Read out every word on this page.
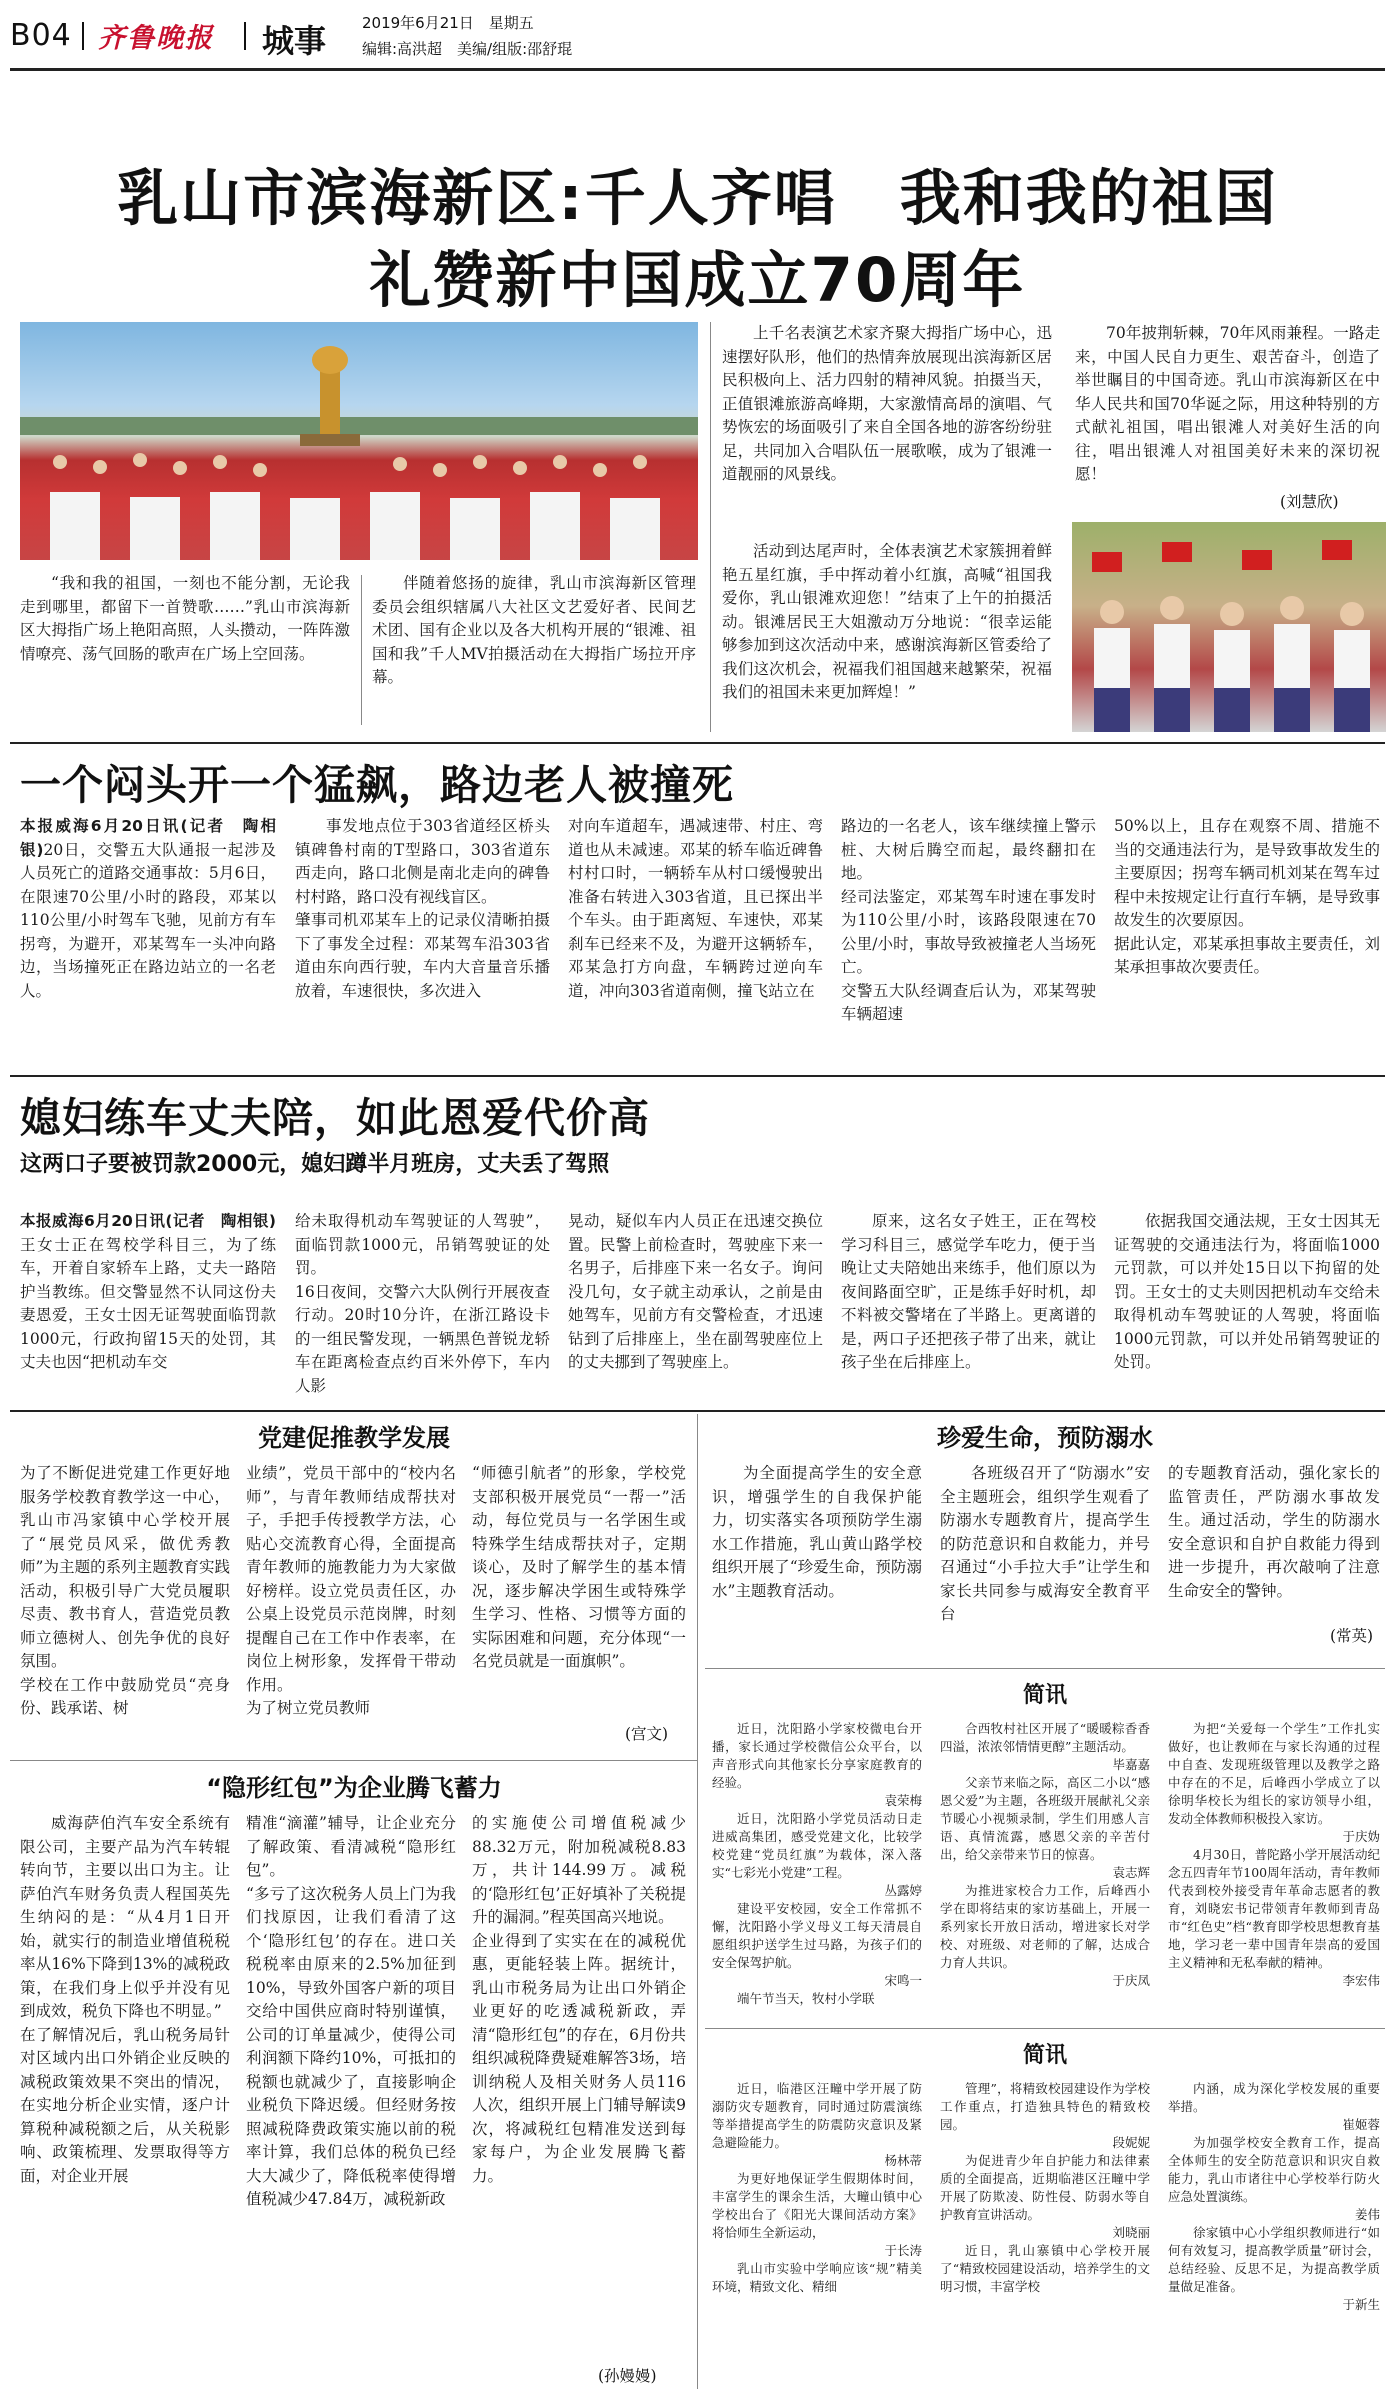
B04 齐鲁晚报 城事 2019年6月21日　星期五
编辑:高洪超　美编/组版:邵舒琨
乳山市滨海新区:千人齐唱　我和我的祖国
礼赞新中国成立70周年
“我和我的祖国，一刻也不能分割，无论我走到哪里，都留下一首赞歌……”乳山市滨海新区大拇指广场上艳阳高照，人头攒动，一阵阵激情嘹亮、荡气回肠的歌声在广场上空回荡。
伴随着悠扬的旋律，乳山市滨海新区管理委员会组织辖属八大社区文艺爱好者、民间艺术团、国有企业以及各大机构开展的“银滩、祖国和我”千人MV拍摄活动在大拇指广场拉开序幕。
上千名表演艺术家齐聚大拇指广场中心，迅速摆好队形，他们的热情奔放展现出滨海新区居民积极向上、活力四射的精神风貌。拍摄当天，正值银滩旅游高峰期，大家激情高昂的演唱、气势恢宏的场面吸引了来自全国各地的游客纷纷驻足，共同加入合唱队伍一展歌喉，成为了银滩一道靓丽的风景线。
活动到达尾声时，全体表演艺术家簇拥着鲜艳五星红旗，手中挥动着小红旗，高喊“祖国我爱你，乳山银滩欢迎您！”结束了上午的拍摄活动。银滩居民王大姐激动万分地说：“很幸运能够参加到这次活动中来，感谢滨海新区管委给了我们这次机会，祝福我们祖国越来越繁荣，祝福我们的祖国未来更加辉煌！”
70年披荆斩棘，70年风雨兼程。一路走来，中国人民自力更生、艰苦奋斗，创造了举世瞩目的中国奇迹。乳山市滨海新区在中华人民共和国70华诞之际，用这种特别的方式献礼祖国，唱出银滩人对美好生活的向往，唱出银滩人对祖国美好未来的深切祝愿！
(刘慧欣)
一个闷头开一个猛飙，路边老人被撞死
本报威海6月20日讯(记者　陶相银)20日，交警五大队通报一起涉及人员死亡的道路交通事故：5月6日，在限速70公里/小时的路段，邓某以110公里/小时驾车飞驰，见前方有车拐弯，为避开，邓某驾车一头冲向路边，当场撞死正在路边站立的一名老人。
事发地点位于303省道经区桥头镇碑鲁村南的T型路口，303省道东西走向，路口北侧是南北走向的碑鲁村村路，路口没有视线盲区。
肇事司机邓某车上的记录仪清晰拍摄下了事发全过程：邓某驾车沿303省道由东向西行驶，车内大音量音乐播放着，车速很快，多次进入
对向车道超车，遇减速带、村庄、弯道也从未减速。邓某的轿车临近碑鲁村村口时，一辆轿车从村口缓慢驶出准备右转进入303省道，且已探出半个车头。由于距离短、车速快，邓某刹车已经来不及，为避开这辆轿车，邓某急打方向盘，车辆跨过逆向车道，冲向303省道南侧，撞飞站立在
路边的一名老人，该车继续撞上警示桩、大树后腾空而起，最终翻扣在地。
经司法鉴定，邓某驾车时速在事发时为110公里/小时，该路段限速在70公里/小时，事故导致被撞老人当场死亡。
交警五大队经调查后认为，邓某驾驶车辆超速
50%以上，且存在观察不周、措施不当的交通违法行为，是导致事故发生的主要原因；拐弯车辆司机刘某在驾车过程中未按规定让行直行车辆，是导致事故发生的次要原因。
据此认定，邓某承担事故主要责任，刘某承担事故次要责任。
媳妇练车丈夫陪，如此恩爱代价高
这两口子要被罚款2000元，媳妇蹲半月班房，丈夫丢了驾照
本报威海6月20日讯(记者　陶相银)王女士正在驾校学科目三，为了练车，开着自家轿车上路，丈夫一路陪护当教练。但交警显然不认同这份夫妻恩爱，王女士因无证驾驶面临罚款1000元，行政拘留15天的处罚，其丈夫也因“把机动车交
给未取得机动车驾驶证的人驾驶”，面临罚款1000元，吊销驾驶证的处罚。
16日夜间，交警六大队例行开展夜查行动。20时10分许，在浙江路设卡的一组民警发现，一辆黑色普锐龙轿车在距离检查点约百米外停下，车内人影
晃动，疑似车内人员正在迅速交换位置。民警上前检查时，驾驶座下来一名男子，后排座下来一名女子。询问没几句，女子就主动承认，之前是由她驾车，见前方有交警检查，才迅速钻到了后排座上，坐在副驾驶座位上的丈夫挪到了驾驶座上。
原来，这名女子姓王，正在驾校学习科目三，感觉学车吃力，便于当晚让丈夫陪她出来练手，他们原以为夜间路面空旷，正是练手好时机，却不料被交警堵在了半路上。更离谱的是，两口子还把孩子带了出来，就让孩子坐在后排座上。
依据我国交通法规，王女士因其无证驾驶的交通违法行为，将面临1000元罚款，可以并处15日以下拘留的处罚。王女士的丈夫则因把机动车交给未取得机动车驾驶证的人驾驶，将面临1000元罚款，可以并处吊销驾驶证的处罚。
党建促推教学发展
为了不断促进党建工作更好地服务学校教育教学这一中心，乳山市冯家镇中心学校开展了“展党员风采，做优秀教师”为主题的系列主题教育实践活动，积极引导广大党员履职尽责、教书育人，营造党员教师立德树人、创先争优的良好氛围。
学校在工作中鼓励党员“亮身份、践承诺、树
业绩”，党员干部中的“校内名师”，与青年教师结成帮扶对子，手把手传授教学方法，心贴心交流教育心得，全面提高青年教师的施教能力为大家做好榜样。设立党员责任区，办公桌上设党员示范岗牌，时刻提醒自己在工作中作表率，在岗位上树形象，发挥骨干带动作用。
为了树立党员教师
“师德引航者”的形象，学校党支部积极开展党员“一帮一”活动，每位党员与一名学困生或特殊学生结成帮扶对子，定期谈心，及时了解学生的基本情况，逐步解决学困生或特殊学生学习、性格、习惯等方面的实际困难和问题，充分体现“一名党员就是一面旗帜”。
(宫文)
珍爱生命，预防溺水
为全面提高学生的安全意识，增强学生的自我保护能力，切实落实各项预防学生溺水工作措施，乳山黄山路学校组织开展了“珍爱生命，预防溺水”主题教育活动。
各班级召开了“防溺水”安全主题班会，组织学生观看了防溺水专题教育片，提高学生的防范意识和自救能力，并号召通过“小手拉大手”让学生和家长共同参与威海安全教育平台
的专题教育活动，强化家长的监管责任，严防溺水事故发生。通过活动，学生的防溺水安全意识和自护自救能力得到进一步提升，再次敲响了注意生命安全的警钟。
(常英)
“隐形红包”为企业腾飞蓄力
威海萨伯汽车安全系统有限公司，主要产品为汽车转辊转向节，主要以出口为主。让萨伯汽车财务负责人程国英先生纳闷的是：“从4月1日开始，就实行的制造业增值税税率从16%下降到13%的减税政策，在我们身上似乎并没有见到成效，税负下降也不明显。”
在了解情况后，乳山税务局针对区域内出口外销企业反映的减税政策效果不突出的情况，在实地分析企业实情，逐户计算税种减税额之后，从关税影响、政策梳理、发票取得等方面，对企业开展
精准“滴灌”辅导，让企业充分了解政策、看清减税“隐形红包”。
“多亏了这次税务人员上门为我们找原因，让我们看清了这个‘隐形红包’的存在。进口关税税率由原来的2.5%加征到10%，导致外国客户新的项目交给中国供应商时特别谨慎，公司的订单量减少，使得公司利润额下降约10%，可抵扣的税额也就减少了，直接影响企业税负下降迟缓。但经财务按照减税降费政策实施以前的税率计算，我们总体的税负已经大大减少了，降低税率使得增值税减少47.84万，减税新政
的实施使公司增值税减少88.32万元，附加税减税8.83万，共计144.99万。减税的‘隐形红包’正好填补了关税提升的漏洞。”程英国高兴地说。
企业得到了实实在在的减税优惠，更能轻装上阵。据统计，乳山市税务局为让出口外销企业更好的吃透减税新政，弄清“隐形红包”的存在，6月份共组织减税降费疑难解答3场，培训纳税人及相关财务人员116人次，组织开展上门辅导解读9次，将减税红包精准发送到每家每户，为企业发展腾飞蓄力。
(孙嫚嫚)
简讯

近日，沈阳路小学家校微电台开播，家长通过学校微信公众平台，以声音形式向其他家长分享家庭教育的经验。

袁荣梅

近日，沈阳路小学党员活动日走进威高集团，感受党建文化，比较学校党建“党员红旗”为载体，深入落实“七彩光小党建”工程。

丛露婷

建设平安校园，安全工作常抓不懈，沈阳路小学义母义工每天清晨自愿组织护送学生过马路，为孩子们的安全保驾护航。

宋鸣一

端午节当天，牧村小学联

合西牧村社区开展了“暖暖粽香香四溢，浓浓邻情情更醇”主题活动。

毕嘉嘉

父亲节来临之际，高区二小以“感恩父爱”为主题，各班级开展献礼父亲节暖心小视频录制，学生们用感人言语、真情流露，感恩父亲的辛苦付出，给父亲带来节日的惊喜。

袁志辉

为推进家校合力工作，后峰西小学在即将结束的家访基础上，开展一系列家长开放日活动，增进家长对学校、对班级、对老师的了解，达成合力育人共识。

于庆凤

为把“关爱每一个学生”工作扎实做好，也让教师在与家长沟通的过程中自查、发现班级管理以及教学之路中存在的不足，后峰西小学成立了以徐明华校长为组长的家访领导小组，发动全体教师积极投入家访。

于庆妫

4月30日，普陀路小学开展活动纪念五四青年节100周年活动，青年教师代表到校外接受青年革命志愿者的教育，刘晓宏书记带领青年教师到青岛市“红色史”档“教育即学校思想教育基地，学习老一辈中国青年崇高的爱国主义精神和无私奉献的精神。

李宏伟
简讯

近日，临港区汪疃中学开展了防溺防灾专题教育，同时通过防震演练等举措提高学生的防震防灾意识及紧急避险能力。

杨林蒂

为更好地保证学生假期体时间，丰富学生的课余生活，大疃山镇中心学校出台了《阳光大课间活动方案》将恰师生全新运动，

于长涛

乳山市实验中学响应该“规”精美环境，精致文化、精细

管理”，将精致校园建设作为学校工作重点，打造独具特色的精致校园。

段妮妮

为促进青少年自护能力和法律素质的全面提高，近期临港区汪疃中学开展了防欺凌、防性侵、防弱水等自护教育宣讲活动。

刘晓丽

近日，乳山寨镇中心学校开展了“精致校园建设活动，培养学生的文明习惯，丰富学校

内涵，成为深化学校发展的重要举措。

崔姬蓉

为加强学校安全教育工作，提高全体师生的安全防范意识和识灾自救能力，乳山市诸往中心学校举行防火应急处置演练。

姜伟

徐家镇中心小学组织教师进行“如何有效复习，提高教学质量”研讨会，总结经验、反思不足，为提高教学质量做足准备。

于新生
